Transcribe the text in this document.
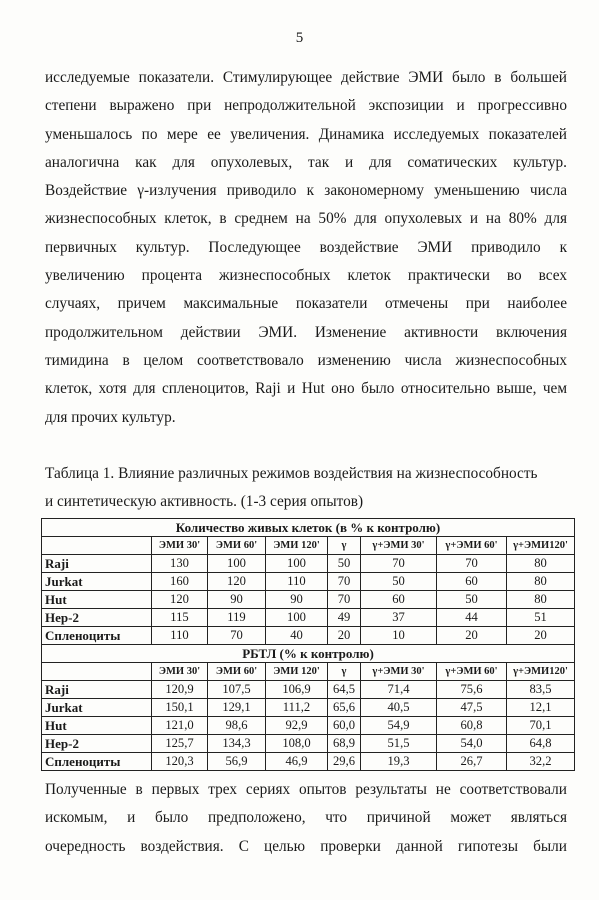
5
исследуемые показатели. Стимулирующее действие ЭМИ было в большей
степени выражено при непродолжительной экспозиции и прогрессивно
уменьшалось по мере ее увеличения. Динамика исследуемых показателей
аналогична как для опухолевых, так и для соматических культур.
Воздействие γ-излучения приводило к закономерному уменьшению числа
жизнеспособных клеток, в среднем на 50% для опухолевых и на 80% для
первичных культур. Последующее воздействие ЭМИ приводило к
увеличению процента жизнеспособных клеток практически во всех
случаях, причем максимальные показатели отмечены при наиболее
продолжительном действии ЭМИ. Изменение активности включения
тимидина в целом соответствовало изменению числа жизнеспособных
клеток, хотя для спленоцитов, Raji и Hut оно было относительно выше, чем
для прочих культур.
Таблица 1. Влияние различных режимов воздействия на жизнеспособность
и синтетическую активность. (1-3 серия опытов)
Количество живых клеток (в % к контролю)							
	ЭМИ 30'	ЭМИ 60'	ЭМИ 120'	γ	γ+ЭМИ 30'	γ+ЭМИ 60'	γ+ЭМИ120'
Raji	130	100	100	50	70	70	80
Jurkat	160	120	110	70	50	60	80
Hut	120	90	90	70	60	50	80
Hep-2	115	119	100	49	37	44	51
Спленоциты	110	70	40	20	10	20	20
РБТЛ (% к контролю)							
	ЭМИ 30'	ЭМИ 60'	ЭМИ 120'	γ	γ+ЭМИ 30'	γ+ЭМИ 60'	γ+ЭМИ120'
Raji	120,9	107,5	106,9	64,5	71,4	75,6	83,5
Jurkat	150,1	129,1	111,2	65,6	40,5	47,5	12,1
Hut	121,0	98,6	92,9	60,0	54,9	60,8	70,1
Hep-2	125,7	134,3	108,0	68,9	51,5	54,0	64,8
Спленоциты	120,3	56,9	46,9	29,6	19,3	26,7	32,2
Полученные в первых трех сериях опытов результаты не соответствовали
искомым, и было предположено, что причиной может являться
очередность воздействия. С целью проверки данной гипотезы были
